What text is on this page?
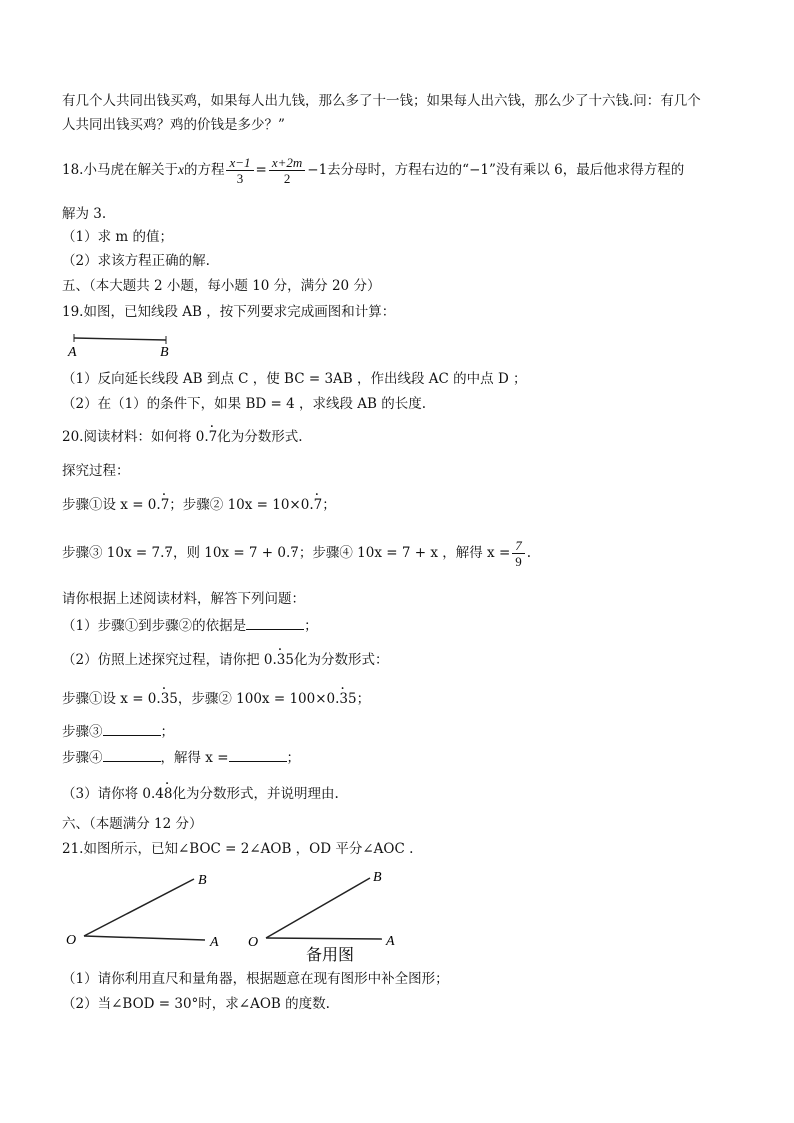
有几个人共同出钱买鸡，如果每人出九钱，那么多了十一钱；如果每人出六钱，那么少了十六钱.问：有几个
人共同出钱买鸡？鸡的价钱是多少？”
18.小马虎在解关于x的方程 $\frac{x-1}{3} = \frac{x+2m}{2} -1$去分母时，方程右边的“−1”没有乘以 6，最后他求得方程的
解为 3.
（1）求 m 的值；
（2）求该方程正确的解.
五、（本大题共 2 小题，每小题 10 分，满分 20 分）
19.如图，已知线段 AB ，按下列要求完成画图和计算：
A	B
（1）反向延长线段 AB 到点 C ，使 BC = 3AB ，作出线段 AC 的中点 D ；
（2）在（1）的条件下，如果 BD = 4 ，求线段 AB 的长度.
20.阅读材料：如何将 0.7 ·化为分数形式.
探究过程：
步骤①设 x = 0.7 ·；步骤② 10x = 10×0.7 ·；
步骤③ 10x = 7.7 ·，则 10x = 7 + 0.7 ·；步骤④ 10x = 7 + x ，解得 $x = \frac{7}{9}$ .
请你根据上述阅读材料，解答下列问题：
（1）步骤①到步骤②的依据是	；
（2）仿照上述探究过程，请你把 0.35 ·化为分数形式：
步骤①设 x = 0.35 ·，步骤② 100x = 100×0.35 ·；
步骤③	；
步骤④	，解得 x =	；
（3）请你将 0.48 ·化为分数形式，并说明理由.
六、（本题满分 12 分）
21.如图所示，已知∠BOC = 2∠AOB ，OD 平分∠AOC .
O	A
B
O	A
B
备用图
（1）请你利用直尺和量角器，根据题意在现有图形中补全图形；
（2）当∠BOD = 30°时，求∠AOB 的度数.
